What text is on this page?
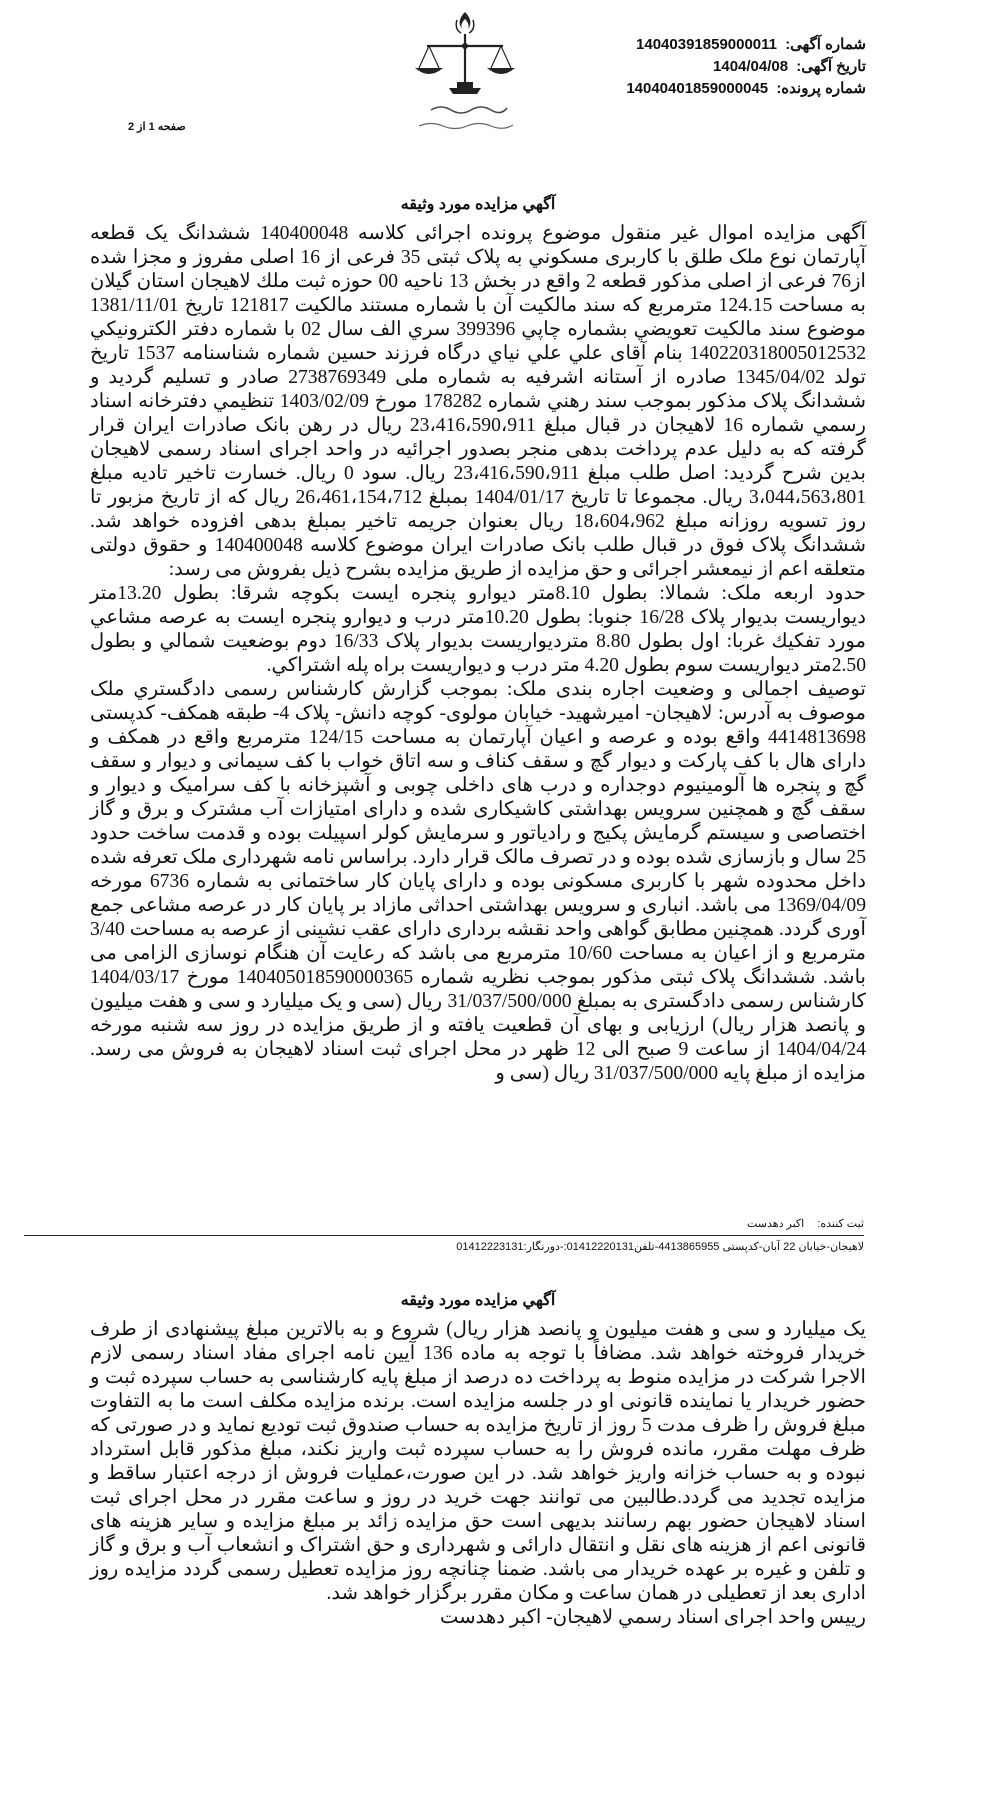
شماره آگهی: 14040391859000011
تاریخ آگهی: 1404/04/08
شماره پرونده: 14040401859000045
صفحه 1 از 2
آگهي مزايده مورد وثيقه

آگهی مزایده اموال غیر منقول موضوع پرونده اجرائی کلاسه 140400048 ششدانگ يک قطعه آپارتمان نوع ملک طلق با کاربری مسکوني به پلاک ثبتی 35 فرعی از 16 اصلی مفروز و مجزا شده از76 فرعی از اصلی مذکور قطعه 2 واقع در بخش 13 ناحيه 00 حوزه ثبت ملك لاهيجان استان گيلان به مساحت 124.15 مترمربع که سند مالکيت آن با شماره مستند مالکيت 121817 تاريخ 1381/11/01 موضوع سند مالكيت تعويضي بشماره چاپي 399396 سري الف سال 02 با شماره دفتر الكترونيكي 140220318005012532 بنام آقای علي علي نياي درگاه فرزند حسين شماره شناسنامه 1537 تاريخ تولد 1345/04/02 صادره از آستانه اشرفيه به شماره ملی 2738769349 صادر و تسليم گرديد و ششدانگ پلاک مذکور بموجب سند رهني شماره 178282 مورخ 1403/02/09 تنظيمي دفترخانه اسناد رسمي شماره 16 لاهيجان در قبال مبلغ 23،416،590،911 ريال در رهن بانک صادرات ايران قرار گرفته که به دليل عدم پرداخت بدهی منجر بصدور اجرائيه در واحد اجرای اسناد رسمی لاهيجان بدين شرح گرديد: اصل طلب مبلغ 23،416،590،911 ريال. سود 0 ريال. خسارت تاخير تاديه مبلغ 3،044،563،801 ريال. مجموعا تا تاريخ 1404/01/17 بمبلغ 26،461،154،712 ريال که از تاريخ مزبور تا روز تسويه روزانه مبلغ 18،604،962 ريال بعنوان جريمه تاخير بمبلغ بدهی افزوده خواهد شد. ششدانگ پلاک فوق در قبال طلب بانک صادرات ايران موضوع کلاسه 140400048 و حقوق دولتی متعلقه اعم از نيمعشر اجرائی و حق مزايده از طريق مزايده بشرح ذيل بفروش می رسد:
حدود اربعه ملک: شمالا: بطول 8.10متر ديوارو پنجره ايست بکوچه شرقا: بطول 13.20متر ديواريست بديوار پلاک 16/28 جنوبا: بطول 10.20متر درب و ديوارو پنجره ايست به عرصه مشاعي مورد تفکيك غربا: اول بطول 8.80 متردیواریست بدیوار پلاک 16/33 دوم بوضعيت شمالي و بطول 2.50متر دیواریست سوم بطول 4.20 متر درب و دیواریست براه پله اشتراكي.
توصيف اجمالی و وضعيت اجاره بندی ملک: بموجب گزارش کارشناس رسمی دادگستري ملک موصوف به آدرس: لاهیجان- اميرشهيد- خيابان مولوی- كوچه دانش- پلاک 4- طبقه همکف- كدپستی 4414813698 واقع بوده و عرصه و اعيان آپارتمان به مساحت 124/15 مترمربع واقع در همکف و دارای هال با کف پاركت و ديوار گچ و سقف کناف و سه اتاق خواب با کف سيمانی و ديوار و سقف گچ و پنجره ها آلومينيوم دوجداره و درب های داخلی چوبی و آشپزخانه با کف سراميک و ديوار و سقف گچ و همچنين سرويس بهداشتی کاشيکاری شده و دارای امتيازات آب مشترک و برق و گاز اختصاصی و سيستم گرمايش پكيج و رادياتور و سرمايش کولر اسپيلت بوده و قدمت ساخت حدود 25 سال و بازسازی شده بوده و در تصرف مالک قرار دارد. براساس نامه شهرداری ملک تعرفه شده داخل محدوده شهر با کاربری مسکونی بوده و دارای پايان کار ساختمانی به شماره 6736 مورخه 1369/04/09 می باشد. انباری و سرويس بهداشتی احداثی مازاد بر پايان کار در عرصه مشاعی جمع آوری گردد. همچنين مطابق گواهی واحد نقشه برداری دارای عقب نشينی از عرصه به مساحت 3/40 مترمربع و از اعيان به مساحت 10/60 مترمربع می باشد که رعايت آن هنگام نوسازی الزامی می باشد. ششدانگ پلاک ثبتی مذکور بموجب نظريه شماره 140405018590000365 مورخ 1404/03/17 کارشناس رسمی دادگستری به بمبلغ 31/037/500/000 ريال (سی و يک ميليارد و سی و هفت ميليون و پانصد هزار ريال) ارزيابی و بهای آن قطعيت يافته و از طريق مزايده در روز سه شنبه مورخه 1404/04/24 از ساعت 9 صبح الی 12 ظهر در محل اجرای ثبت اسناد لاهيجان به فروش می رسد. مزايده از مبلغ پايه 31/037/500/000 ريال (سی و

ثبت کننده: اکبر دهدست
لاهيجان-خيابان 22 آبان-كدپستی 4413865955-تلفن01412220131:-دورنگار:01412223131
آگهي مزايده مورد وثيقه

يک ميليارد و سی و هفت ميليون و پانصد هزار ريال) شروع و به بالاترين مبلغ پيشنهادی از طرف خريدار فروخته خواهد شد. مضافاً با توجه به ماده 136 آيين نامه اجرای مفاد اسناد رسمی لازم الاجرا شرکت در مزايده منوط به پرداخت ده درصد از مبلغ پايه کارشناسی به حساب سپرده ثبت و حضور خريدار يا نماينده قانونی او در جلسه مزايده است. برنده مزايده مکلف است ما به التفاوت مبلغ فروش را ظرف مدت 5 روز از تاريخ مزايده به حساب صندوق ثبت توديع نمايد و در صورتی که ظرف مهلت مقرر، مانده فروش را به حساب سپرده ثبت واريز نکند، مبلغ مذکور قابل استرداد نبوده و به حساب خزانه واريز خواهد شد. در اين صورت،عمليات فروش از درجه اعتبار ساقط و مزايده تجديد می گردد.طالبين می توانند جهت خريد در روز و ساعت مقرر در محل اجرای ثبت اسناد لاهيجان حضور بهم رسانند بديهی است حق مزايده زائد بر مبلغ مزايده و ساير هزينه های قانونی اعم از هزينه های نقل و انتقال دارائی و شهرداری و حق اشتراک و انشعاب آب و برق و گاز و تلفن و غيره بر عهده خريدار می باشد. ضمنا چنانچه روز مزايده تعطيل رسمی گردد مزايده روز اداری بعد از تعطيلی در همان ساعت و مكان مقرر برگزار خواهد شد.
رييس واحد اجرای اسناد رسمي لاهيجان- اکبر دهدست
